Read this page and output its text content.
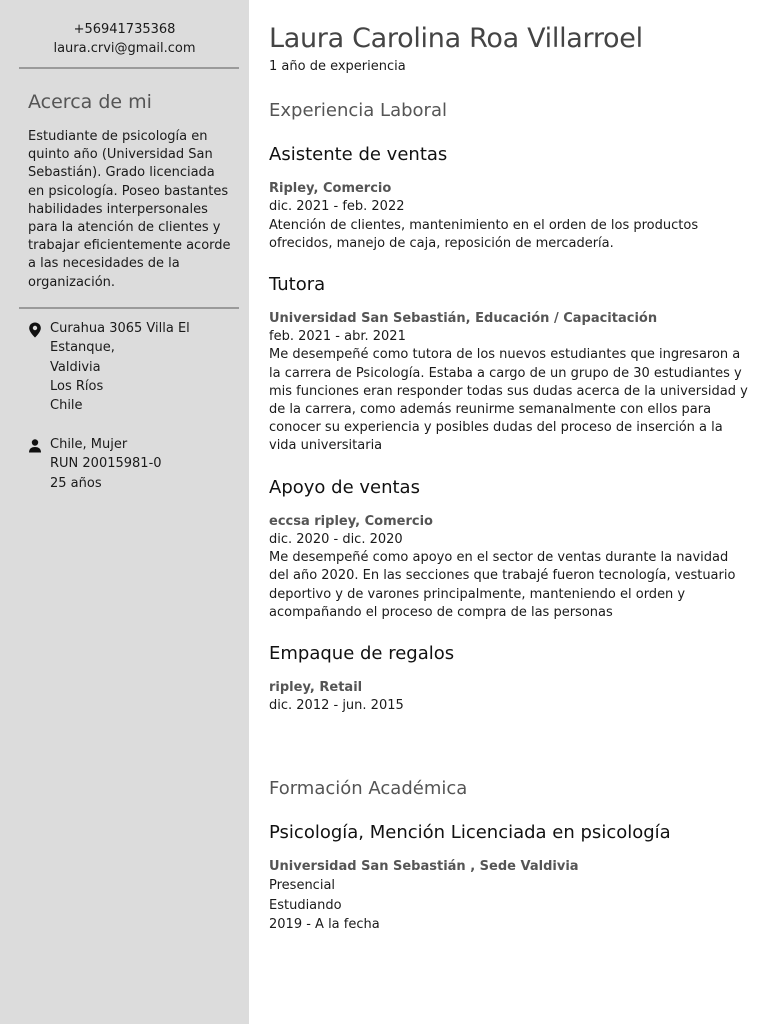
+56941735368
laura.crvi@gmail.com
Acerca de mi
Estudiante de psicología en quinto año (Universidad San Sebastián). Grado licenciada en psicología. Poseo bastantes habilidades interpersonales para la atención de clientes y trabajar eficientemente acorde a las necesidades de la organización.
Curahua 3065 Villa El
Estanque,
Valdivia
Los Ríos
Chile
Chile, Mujer
RUN 20015981-0
25 años
Laura Carolina Roa Villarroel
1 año de experiencia
Experiencia Laboral
Asistente de ventas
Ripley, Comercio
dic. 2021 - feb. 2022
Atención de clientes, mantenimiento en el orden de los productos ofrecidos, manejo de caja, reposición de mercadería.
Tutora
Universidad San Sebastián, Educación / Capacitación
feb. 2021 - abr. 2021
Me desempeñé como tutora de los nuevos estudiantes que ingresaron a la carrera de Psicología. Estaba a cargo de un grupo de 30 estudiantes y mis funciones eran responder todas sus dudas acerca de la universidad y de la carrera, como además reunirme semanalmente con ellos para conocer su experiencia y posibles dudas del proceso de inserción a la vida universitaria
Apoyo de ventas
eccsa ripley, Comercio
dic. 2020 - dic. 2020
Me desempeñé como apoyo en el sector de ventas durante la navidad del año 2020. En las secciones que trabajé fueron tecnología, vestuario deportivo y de varones principalmente, manteniendo el orden y acompañando el proceso de compra de las personas
Empaque de regalos
ripley, Retail
dic. 2012 - jun. 2015
Formación Académica
Psicología, Mención Licenciada en psicología
Universidad San Sebastián , Sede Valdivia
Presencial
Estudiando
2019 - A la fecha
